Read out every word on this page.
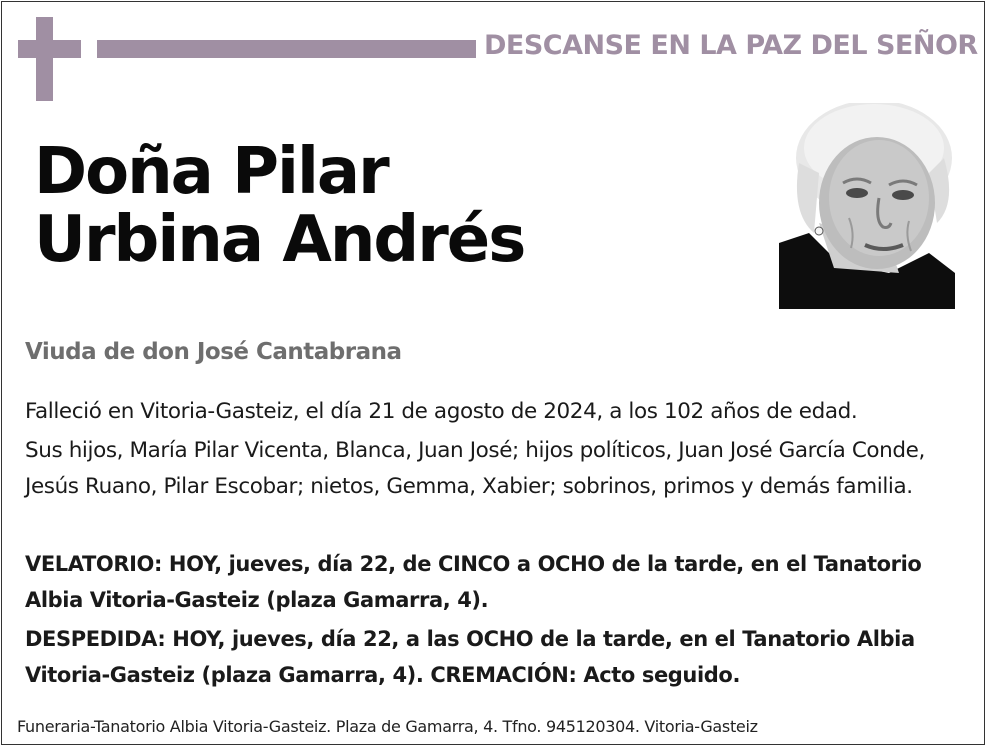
DESCANSE EN LA PAZ DEL SEÑOR
Doña Pilar
Urbina Andrés
Viuda de don José Cantabrana
Falleció en Vitoria-Gasteiz, el día 21 de agosto de 2024, a los 102 años de edad.
Sus hijos, María Pilar Vicenta, Blanca, Juan José; hijos políticos, Juan José García Conde, Jesús Ruano, Pilar Escobar; nietos, Gemma, Xabier; sobrinos, primos y demás familia.
VELATORIO: HOY, jueves, día 22, de CINCO a OCHO de la tarde, en el Tanatorio Albia Vitoria-Gasteiz (plaza Gamarra, 4).
DESPEDIDA: HOY, jueves, día 22, a las OCHO de la tarde, en el Tanatorio Albia Vitoria-Gasteiz (plaza Gamarra, 4). CREMACIÓN: Acto seguido.
Funeraria-Tanatorio Albia Vitoria-Gasteiz. Plaza de Gamarra, 4. Tfno. 945120304. Vitoria-Gasteiz
